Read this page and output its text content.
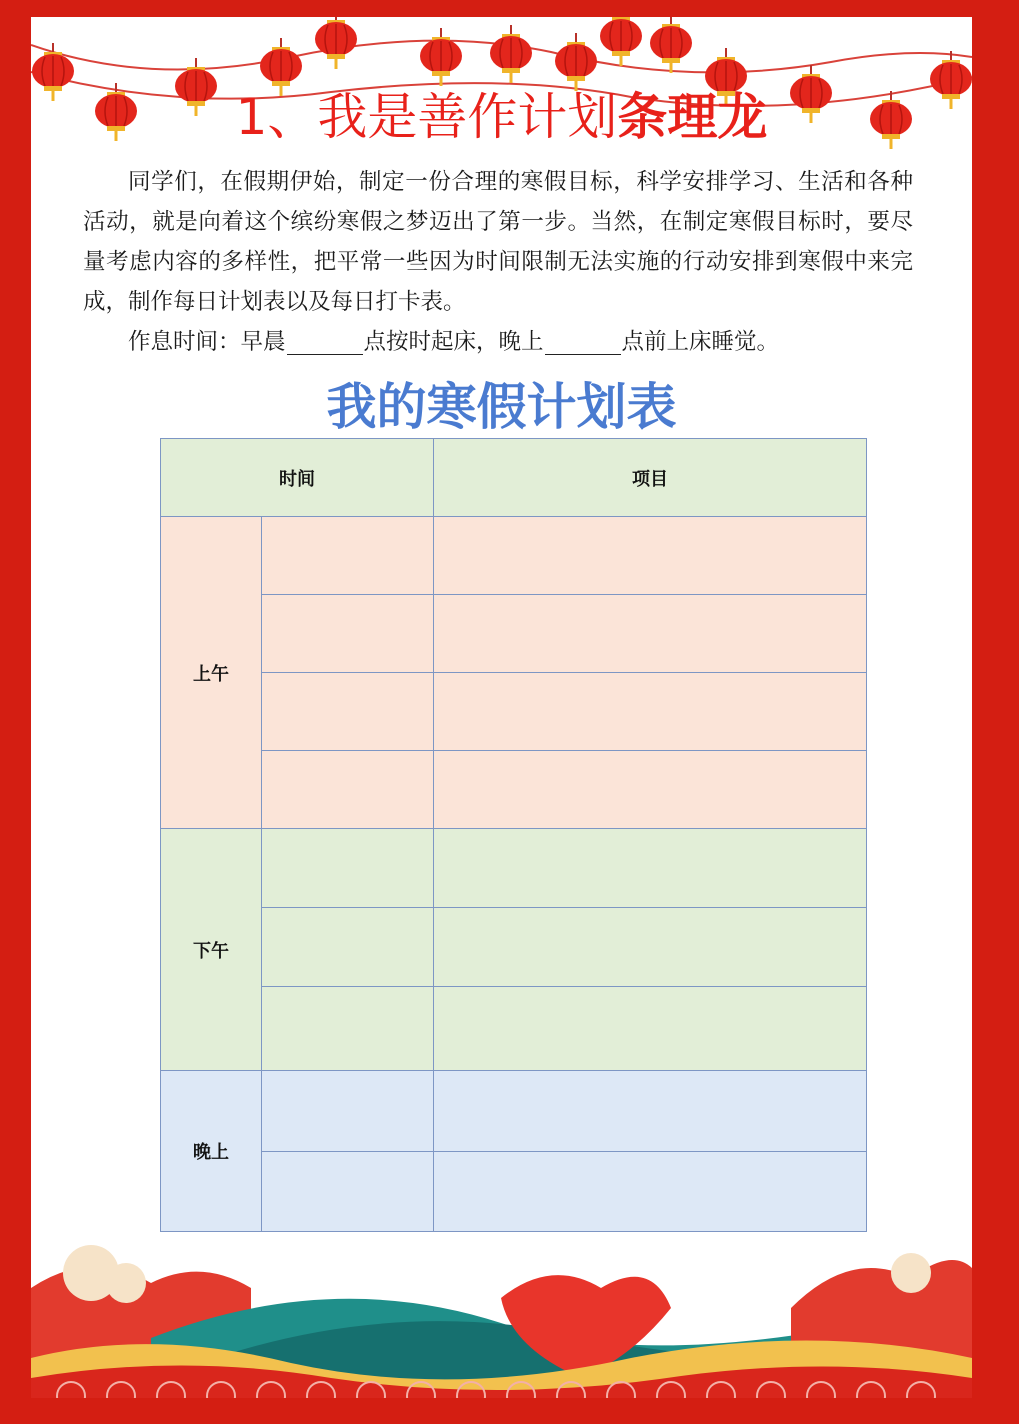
1、我是善作计划条理龙

同学们，在假期伊始，制定一份合理的寒假目标，科学安排学习、生活和各种活动，就是向着这个缤纷寒假之梦迈出了第一步。当然，在制定寒假目标时，要尽量考虑内容的多样性，把平常一些因为时间限制无法实施的行动安排到寒假中来完成，制作每日计划表以及每日打卡表。

作息时间：早晨	点按时起床，晚上	点前上床睡觉。

我的寒假计划表
时间		项目
上午		

下午		

晚上		
